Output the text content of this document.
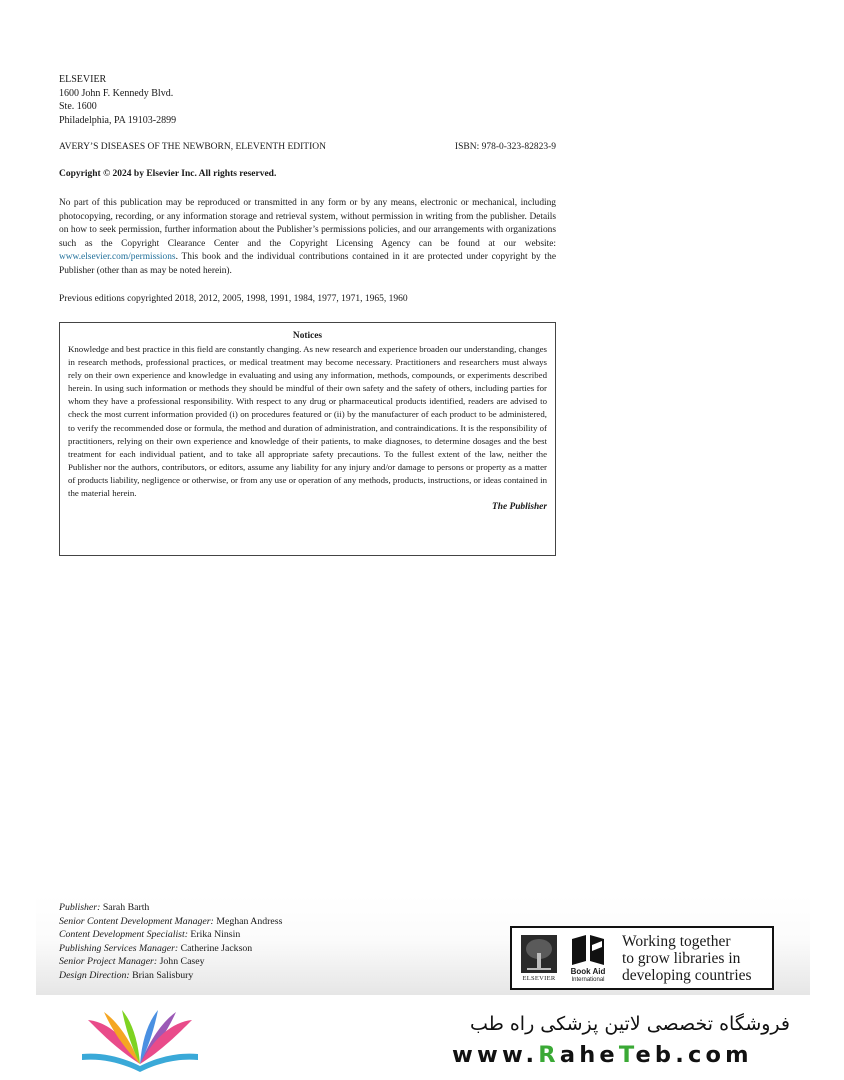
ELSEVIER
1600 John F. Kennedy Blvd.
Ste. 1600
Philadelphia, PA 19103-2899
AVERY’S DISEASES OF THE NEWBORN, ELEVENTH EDITION	ISBN: 978-0-323-82823-9
Copyright © 2024 by Elsevier Inc. All rights reserved.
No part of this publication may be reproduced or transmitted in any form or by any means, electronic or mechanical, including photocopying, recording, or any information storage and retrieval system, without permission in writing from the publisher. Details on how to seek permission, further information about the Publisher’s permissions policies, and our arrangements with organizations such as the Copyright Clearance Center and the Copyright Licensing Agency can be found at our website: www.elsevier.com/permissions. This book and the individual contributions contained in it are protected under copyright by the Publisher (other than as may be noted herein).
Previous editions copyrighted 2018, 2012, 2005, 1998, 1991, 1984, 1977, 1971, 1965, 1960
Notices
Knowledge and best practice in this field are constantly changing. As new research and experience broaden our understanding, changes in research methods, professional practices, or medical treatment may become necessary. Practitioners and researchers must always rely on their own experience and knowledge in evaluating and using any information, methods, compounds, or experiments described herein. In using such information or methods they should be mindful of their own safety and the safety of others, including parties for whom they have a professional responsibility. With respect to any drug or pharmaceutical products identified, readers are advised to check the most current information provided (i) on procedures featured or (ii) by the manufacturer of each product to be administered, to verify the recommended dose or formula, the method and duration of administration, and contraindications. It is the responsibility of practitioners, relying on their own experience and knowledge of their patients, to make diagnoses, to determine dosages and the best treatment for each individual patient, and to take all appropriate safety precautions. To the fullest extent of the law, neither the Publisher nor the authors, contributors, or editors, assume any liability for any injury and/or damage to persons or property as a matter of products liability, negligence or otherwise, or from any use or operation of any methods, products, instructions, or ideas contained in the material herein.
The Publisher
Publisher: Sarah Barth
Senior Content Development Manager: Meghan Andress
Content Development Specialist: Erika Ninsin
Publishing Services Manager: Catherine Jackson
Senior Project Manager: John Casey
Design Direction: Brian Salisbury	ELSEVIER
Book Aid
International
Working together
to grow libraries in
developing countries
فروشگاه تخصصی لاتین پزشکی راه طب
www.RaheTeb.com
